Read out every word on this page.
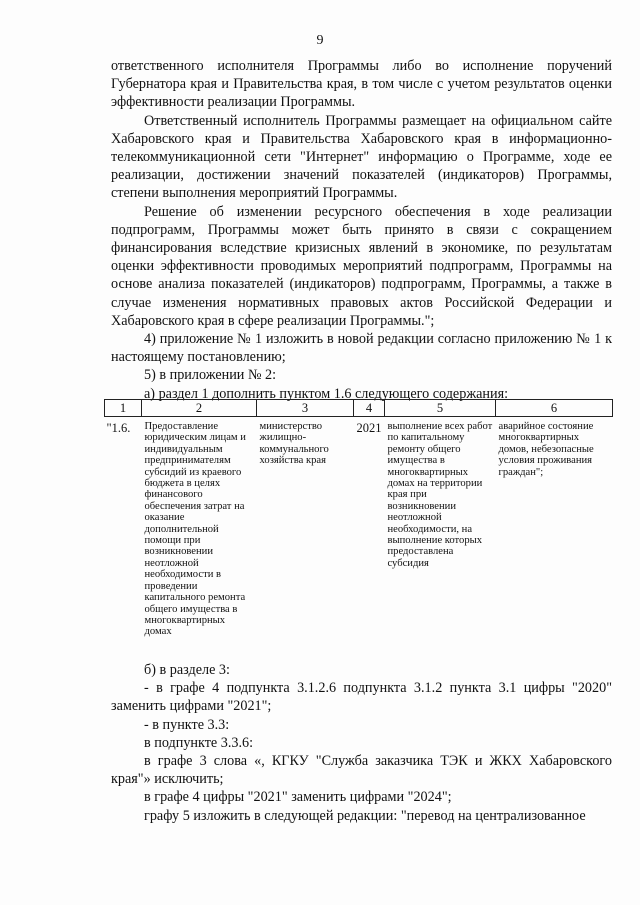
9

ответственного исполнителя Программы либо во исполнение поручений Губернатора края и Правительства края, в том числе с учетом результатов оценки эффективности реализации Программы.

Ответственный исполнитель Программы размещает на официальном сайте Хабаровского края и Правительства Хабаровского края в информационно-телекоммуникационной сети "Интернет" информацию о Программе, ходе ее реализации, достижении значений показателей (индикаторов) Программы, степени выполнения мероприятий Программы.

Решение об изменении ресурсного обеспечения в ходе реализации подпрограмм, Программы может быть принято в связи с сокращением финансирования вследствие кризисных явлений в экономике, по результатам оценки эффективности проводимых мероприятий подпрограмм, Программы на основе анализа показателей (индикаторов) подпрограмм, Программы, а также в случае изменения нормативных правовых актов Российской Федерации и Хабаровского края в сфере реализации Программы.";

4) приложение № 1 изложить в новой редакции согласно приложению № 1 к настоящему постановлению;

5) в приложении № 2:

а) раздел 1 дополнить пунктом 1.6 следующего содержания:

1	2	3	4	5	6
"1.6.	Предоставление юридическим лицам и индивидуальным предпринимателям субсидий из краевого бюджета в целях финансового обеспечения затрат на оказание дополнительной помощи при возникновении неотложной необходимости в проведении капитального ремонта общего имущества в многоквартирных домах	министерство жилищно-коммунального хозяйства края	2021	выполнение всех работ по капитальному ремонту общего имущества в многоквартирных домах на территории края при возникновении неотложной необходимости, на выполнение которых предоставлена субсидия	аварийное состояние многоквартирных домов, небезопасные условия проживания граждан";

б) в разделе 3:

- в графе 4 подпункта 3.1.2.6 подпункта 3.1.2 пункта 3.1 цифры "2020" заменить цифрами "2021";

- в пункте 3.3:

в подпункте 3.3.6:

в графе 3 слова «, КГКУ "Служба заказчика ТЭК и ЖКХ Хабаровского края"» исключить;

в графе 4 цифры "2021" заменить цифрами "2024";

графу 5 изложить в следующей редакции: "перевод на централизованное
